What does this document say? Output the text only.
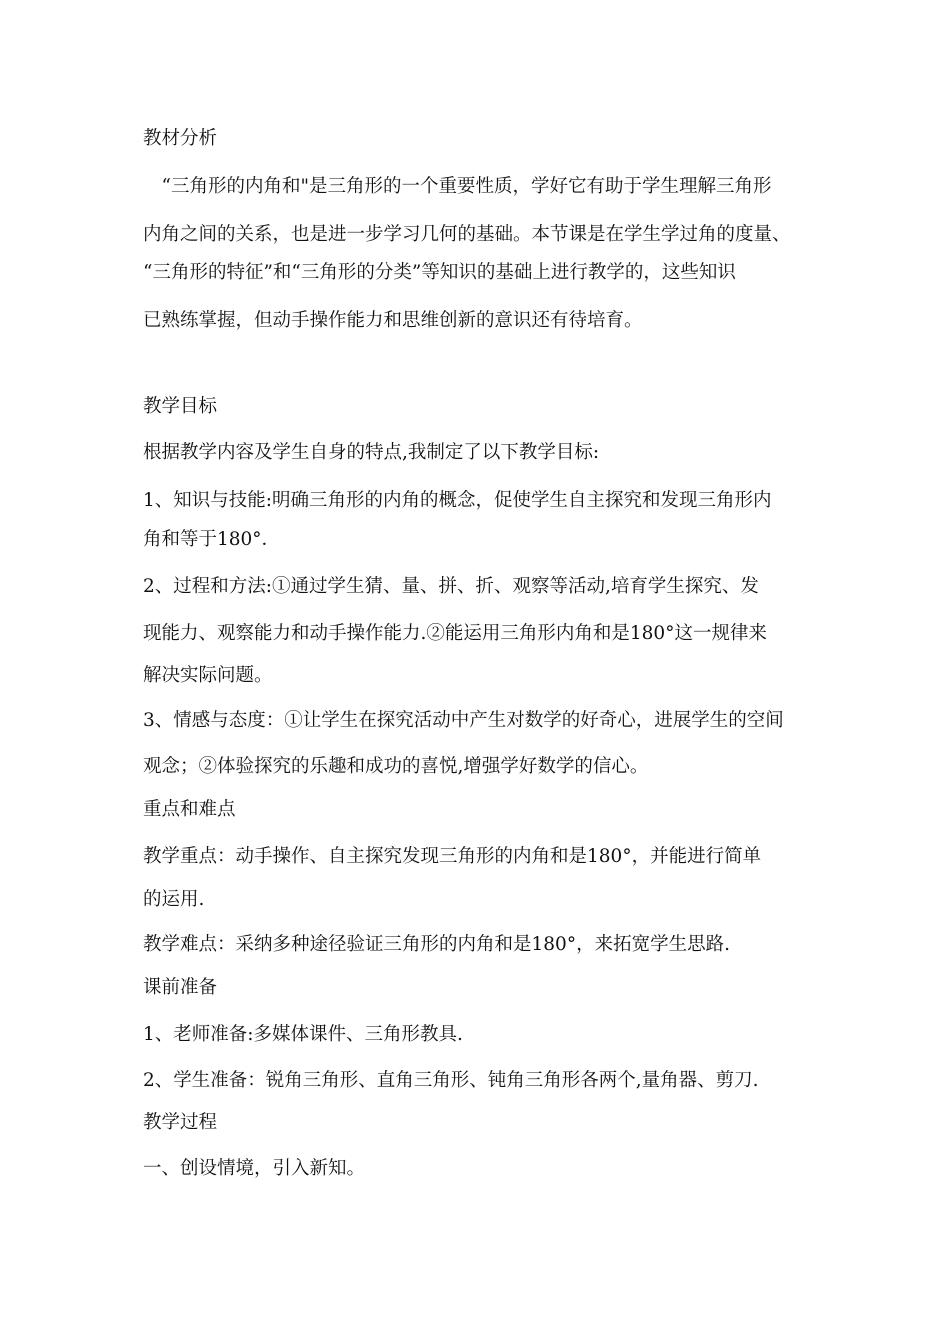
教材分析
　“三角形的内角和"是三角形的一个重要性质，学好它有助于学生理解三角形
内角之间的关系，也是进一步学习几何的基础。本节课是在学生学过角的度量、
“三角形的特征”和“三角形的分类”等知识的基础上进行教学的，这些知识
已熟练掌握，但动手操作能力和思维创新的意识还有待培育。
教学目标
根据教学内容及学生自身的特点,我制定了以下教学目标:
1、知识与技能:明确三角形的内角的概念，促使学生自主探究和发现三角形内
角和等于180°．
2、过程和方法:①通过学生猜、量、拼、折、观察等活动,培育学生探究、发
现能力、观察能力和动手操作能力.②能运用三角形内角和是180°这一规律来
解决实际问题。
3、情感与态度：①让学生在探究活动中产生对数学的好奇心，进展学生的空间
观念；②体验探究的乐趣和成功的喜悦,增强学好数学的信心。
重点和难点
教学重点：动手操作、自主探究发现三角形的内角和是180°，并能进行简单
的运用.
教学难点：采纳多种途径验证三角形的内角和是180°，来拓宽学生思路.
课前准备
1、老师准备:多媒体课件、三角形教具.
2、学生准备：锐角三角形、直角三角形、钝角三角形各两个,量角器、剪刀.
教学过程
一、创设情境，引入新知。
